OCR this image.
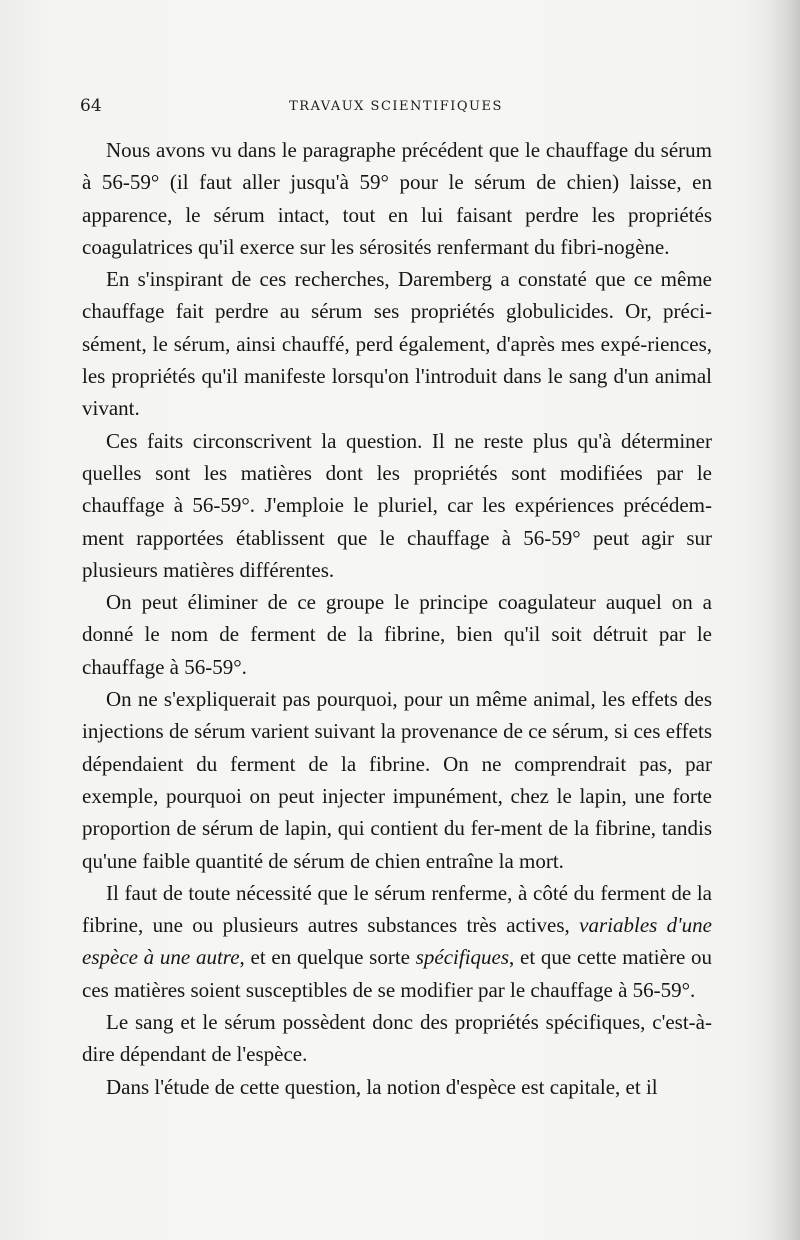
64	TRAVAUX SCIENTIFIQUES

Nous avons vu dans le paragraphe précédent que le chauffage du sérum à 56-59° (il faut aller jusqu'à 59° pour le sérum de chien) laisse, en apparence, le sérum intact, tout en lui faisant perdre les propriétés coagulatrices qu'il exerce sur les sérosités renfermant du fibri-nogène.

En s'inspirant de ces recherches, Daremberg a constaté que ce même chauffage fait perdre au sérum ses propriétés globulicides. Or, préci-sément, le sérum, ainsi chauffé, perd également, d'après mes expé-riences, les propriétés qu'il manifeste lorsqu'on l'introduit dans le sang d'un animal vivant.

Ces faits circonscrivent la question. Il ne reste plus qu'à déterminer quelles sont les matières dont les propriétés sont modifiées par le chauffage à 56-59°. J'emploie le pluriel, car les expériences précédem-ment rapportées établissent que le chauffage à 56-59° peut agir sur plusieurs matières différentes.

On peut éliminer de ce groupe le principe coagulateur auquel on a donné le nom de ferment de la fibrine, bien qu'il soit détruit par le chauffage à 56-59°.

On ne s'expliquerait pas pourquoi, pour un même animal, les effets des injections de sérum varient suivant la provenance de ce sérum, si ces effets dépendaient du ferment de la fibrine. On ne comprendrait pas, par exemple, pourquoi on peut injecter impunément, chez le lapin, une forte proportion de sérum de lapin, qui contient du fer-ment de la fibrine, tandis qu'une faible quantité de sérum de chien entraîne la mort.

Il faut de toute nécessité que le sérum renferme, à côté du ferment de la fibrine, une ou plusieurs autres substances très actives, variables d'une espèce à une autre, et en quelque sorte spécifiques, et que cette matière ou ces matières soient susceptibles de se modifier par le chauffage à 56-59°.

Le sang et le sérum possèdent donc des propriétés spécifiques, c'est-à-dire dépendant de l'espèce.

Dans l'étude de cette question, la notion d'espèce est capitale, et il
